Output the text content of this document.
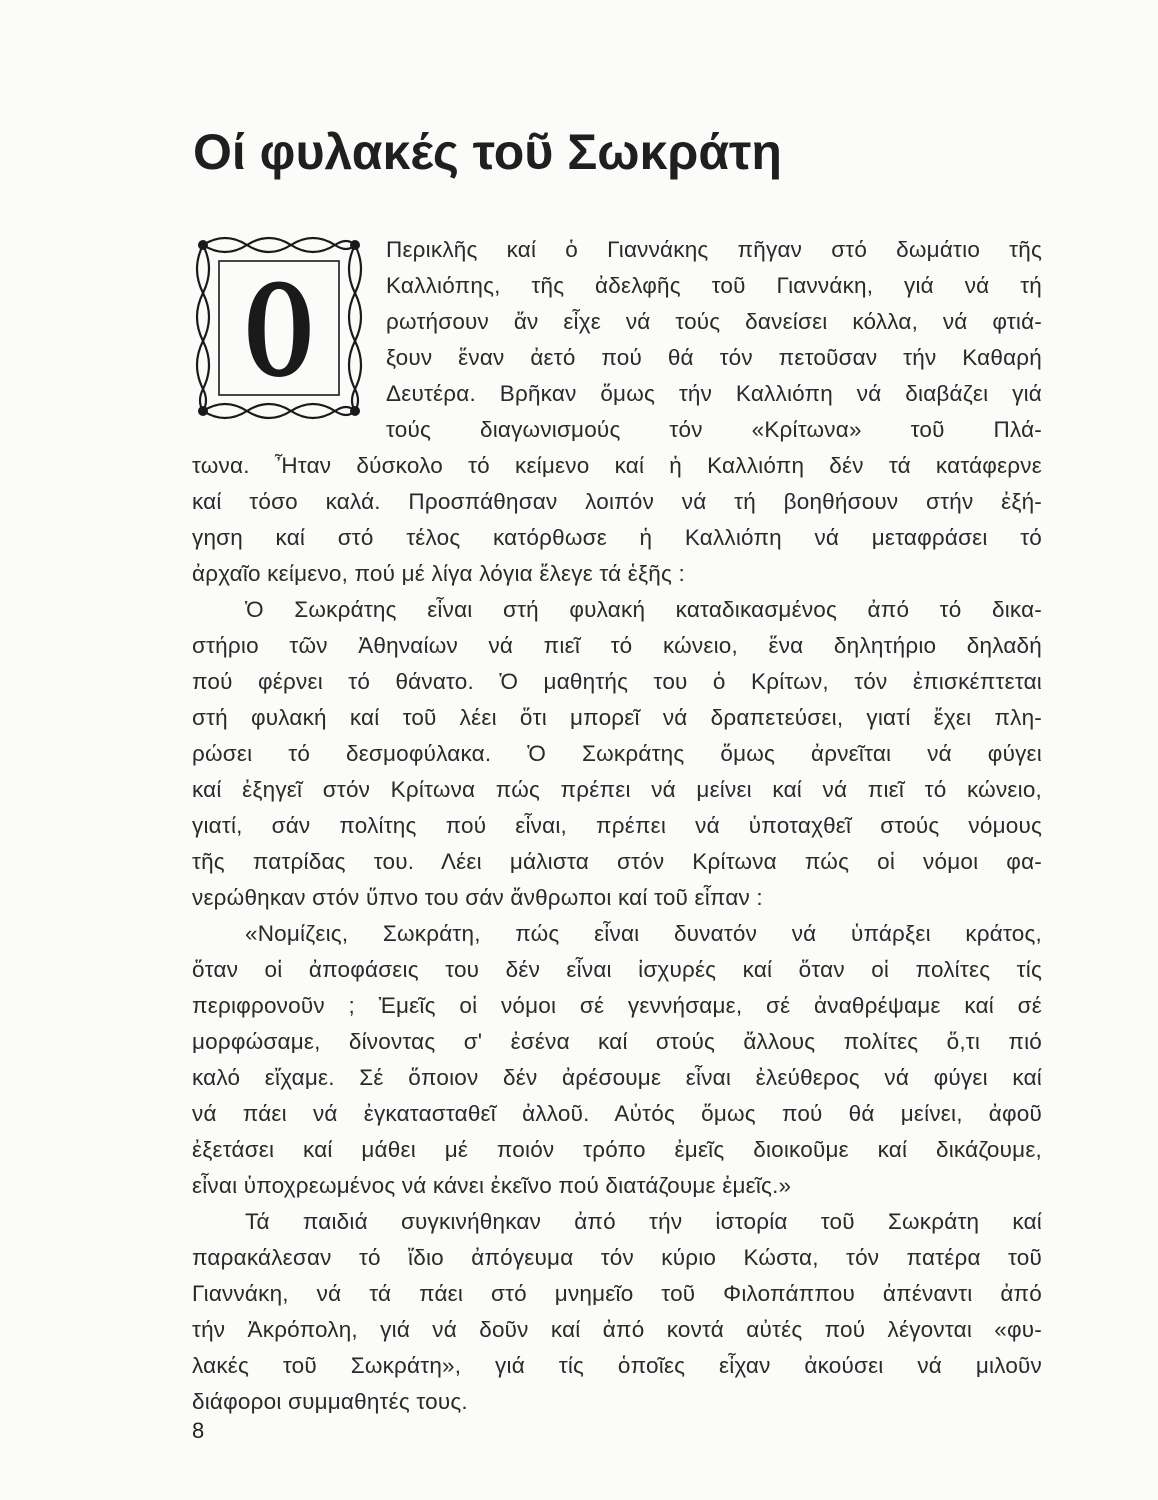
Οί φυλακές τοῦ Σωκράτη
Ο
Περικλῆς καί ὁ Γιαννάκης πῆγαν στό δωμάτιο τῆς
Καλλιόπης, τῆς ἀδελφῆς τοῦ Γιαννάκη, γιά νά τή
ρωτήσουν ἄν εἶχε νά τούς δανείσει κόλλα, νά φτιά-
ξουν ἕναν ἀετό πού θά τόν πετοῦσαν τήν Καθαρή
Δευτέρα. Βρῆκαν ὅμως τήν Καλλιόπη νά διαβάζει γιά
τούς διαγωνισμούς τόν «Κρίτωνα» τοῦ Πλά-
τωνα. Ἦταν δύσκολο τό κείμενο καί ἡ Καλλιόπη δέν τά κατάφερνε
καί τόσο καλά. Προσπάθησαν λοιπόν νά τή βοηθήσουν στήν ἐξή-
γηση καί στό τέλος κατόρθωσε ἡ Καλλιόπη νά μεταφράσει τό
ἀρχαῖο κείμενο, πού μέ λίγα λόγια ἔλεγε τά ἑξῆς :
Ὁ Σωκράτης εἶναι στή φυλακή καταδικασμένος ἀπό τό δικα-
στήριο τῶν Ἀθηναίων νά πιεῖ τό κώνειο, ἕνα δηλητήριο δηλαδή
πού φέρνει τό θάνατο. Ὁ μαθητής του ὁ Κρίτων, τόν ἐπισκέπτεται
στή φυλακή καί τοῦ λέει ὅτι μπορεῖ νά δραπετεύσει, γιατί ἔχει πλη-
ρώσει τό δεσμοφύλακα. Ὁ Σωκράτης ὅμως ἀρνεῖται νά φύγει
καί ἐξηγεῖ στόν Κρίτωνα πώς πρέπει νά μείνει καί νά πιεῖ τό κώνειο,
γιατί, σάν πολίτης πού εἶναι, πρέπει νά ὑποταχθεῖ στούς νόμους
τῆς πατρίδας του. Λέει μάλιστα στόν Κρίτωνα πώς οἱ νόμοι φα-
νερώθηκαν στόν ὕπνο του σάν ἄνθρωποι καί τοῦ εἶπαν :
«Νομίζεις, Σωκράτη, πώς εἶναι δυνατόν νά ὑπάρξει κράτος,
ὅταν οἱ ἀποφάσεις του δέν εἶναι ἰσχυρές καί ὅταν οἱ πολίτες τίς
περιφρονοῦν ; Ἐμεῖς οἱ νόμοι σέ γεννήσαμε, σέ ἀναθρέψαμε καί σέ
μορφώσαμε, δίνοντας σ' ἐσένα καί στούς ἄλλους πολίτες ὅ,τι πιό
καλό εἴχαμε. Σέ ὅποιον δέν ἀρέσουμε εἶναι ἐλεύθερος νά φύγει καί
νά πάει νά ἐγκατασταθεῖ ἀλλοῦ. Αὐτός ὅμως πού θά μείνει, ἀφοῦ
ἐξετάσει καί μάθει μέ ποιόν τρόπο ἐμεῖς διοικοῦμε καί δικάζουμε,
εἶναι ὑποχρεωμένος νά κάνει ἐκεῖνο πού διατάζουμε ἐμεῖς.»
Τά παιδιά συγκινήθηκαν ἀπό τήν ἱστορία τοῦ Σωκράτη καί
παρακάλεσαν τό ἴδιο ἀπόγευμα τόν κύριο Κώστα, τόν πατέρα τοῦ
Γιαννάκη, νά τά πάει στό μνημεῖο τοῦ Φιλοπάππου ἀπέναντι ἀπό
τήν Ἀκρόπολη, γιά νά δοῦν καί ἀπό κοντά αὐτές πού λέγονται «φυ-
λακές τοῦ Σωκράτη», γιά τίς ὁποῖες εἶχαν ἀκούσει νά μιλοῦν
διάφοροι συμμαθητές τους.
8
